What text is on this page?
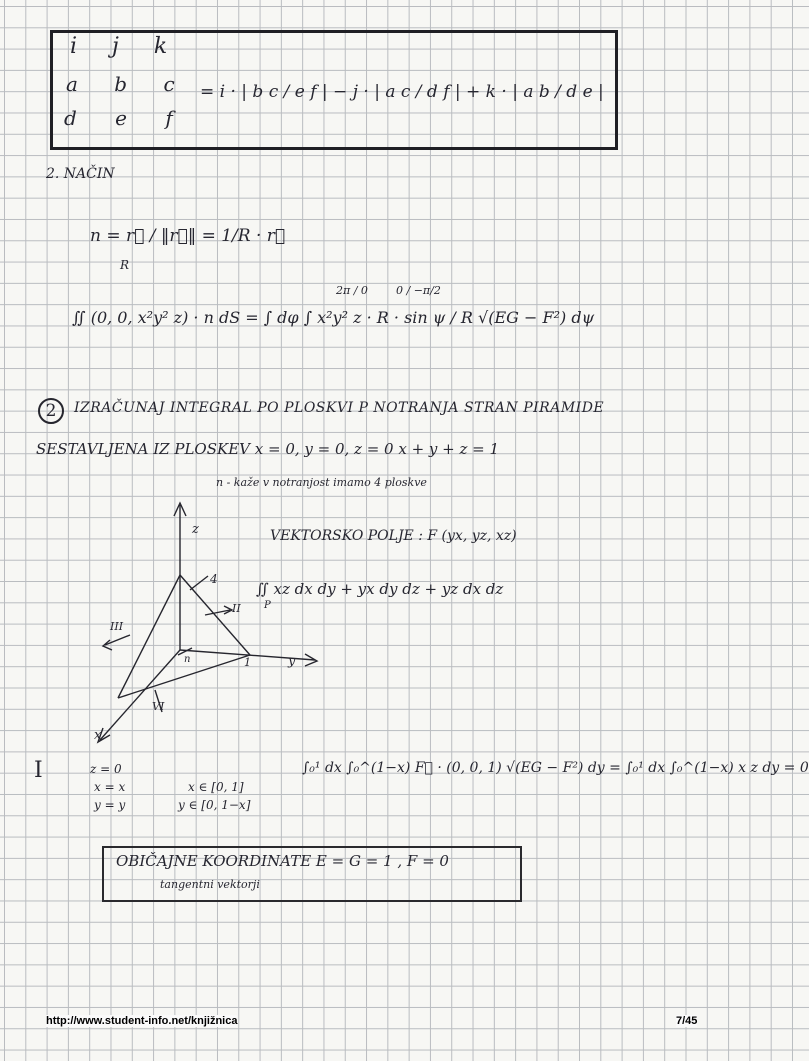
i j k
a b c
d e f
= i · | b c / e f | − j · | a c / d f | + k · | a b / d e |
2. NAČIN
n = r⃗ / ‖r⃗‖ = 1/R · r⃗
R
∬ (0, 0, x²y² z) · n dS = ∫ dφ ∫ x²y² z · R · sin ψ / R √(EG − F²) dψ
2π / 0	0 / −π/2
2	IZRAČUNAJ INTEGRAL PO PLOSKVI P NOTRANJA STRAN PIRAMIDE
SESTAVLJENA IZ PLOSKEV x = 0, y = 0, z = 0 x + y + z = 1
n - kaže v notranjost imamo 4 ploskve
VEKTORSKO POLJE : F (yx, yz, xz)
∬ xz dx dy + yx dy dz + yz dx dz
P
z
y
x
1
4
II
III
n
VI
I	z = 0
x = x
y = y
x ∈ [0, 1]
y ∈ [0, 1−x]
∫₀¹ dx ∫₀^(1−x) F⃗ · (0, 0, 1) √(EG − F²) dy = ∫₀¹ dx ∫₀^(1−x) x z dy = 0
OBIČAJNE KOORDINATE E = G = 1 , F = 0
tangentni vektorji
http://www.student-info.net/knjižnica	7/45
